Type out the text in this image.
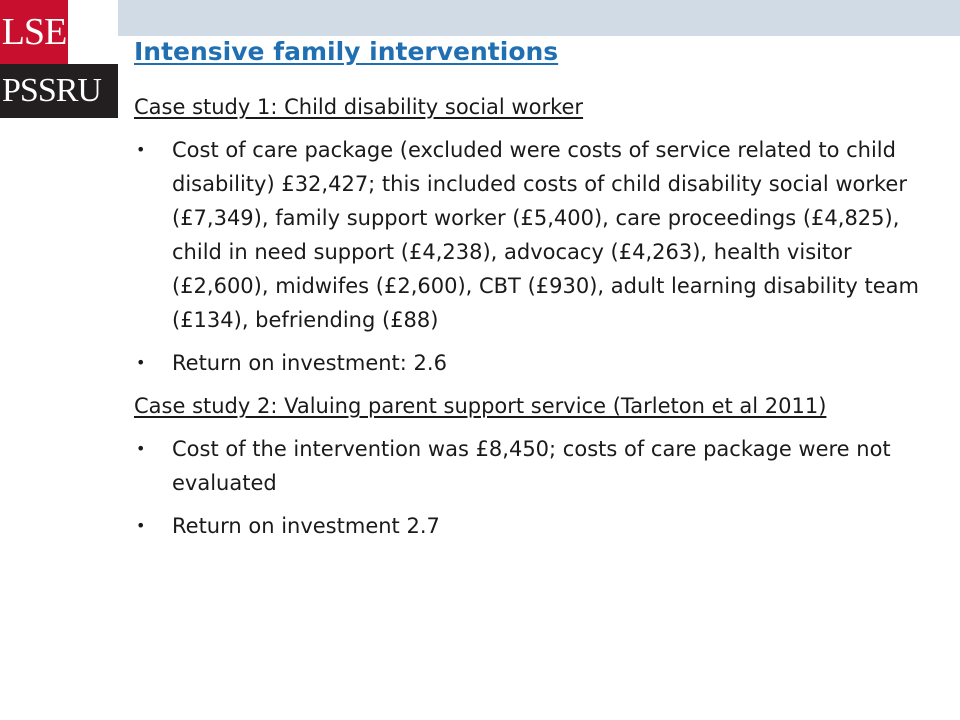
LSE
PSSRU
Intensive family interventions

Case study 1: Child disability social worker

• Cost of care package (excluded were costs of service related to child disability) £32,427; this included costs of child disability social worker (£7,349), family support worker (£5,400), care proceedings (£4,825), child in need support (£4,238), advocacy (£4,263), health visitor (£2,600), midwifes (£2,600), CBT (£930), adult learning disability team (£134), befriending (£88)
• Return on investment: 2.6

Case study 2: Valuing parent support service (Tarleton et al 2011)

• Cost of the intervention was £8,450; costs of care package were not evaluated
• Return on investment 2.7
